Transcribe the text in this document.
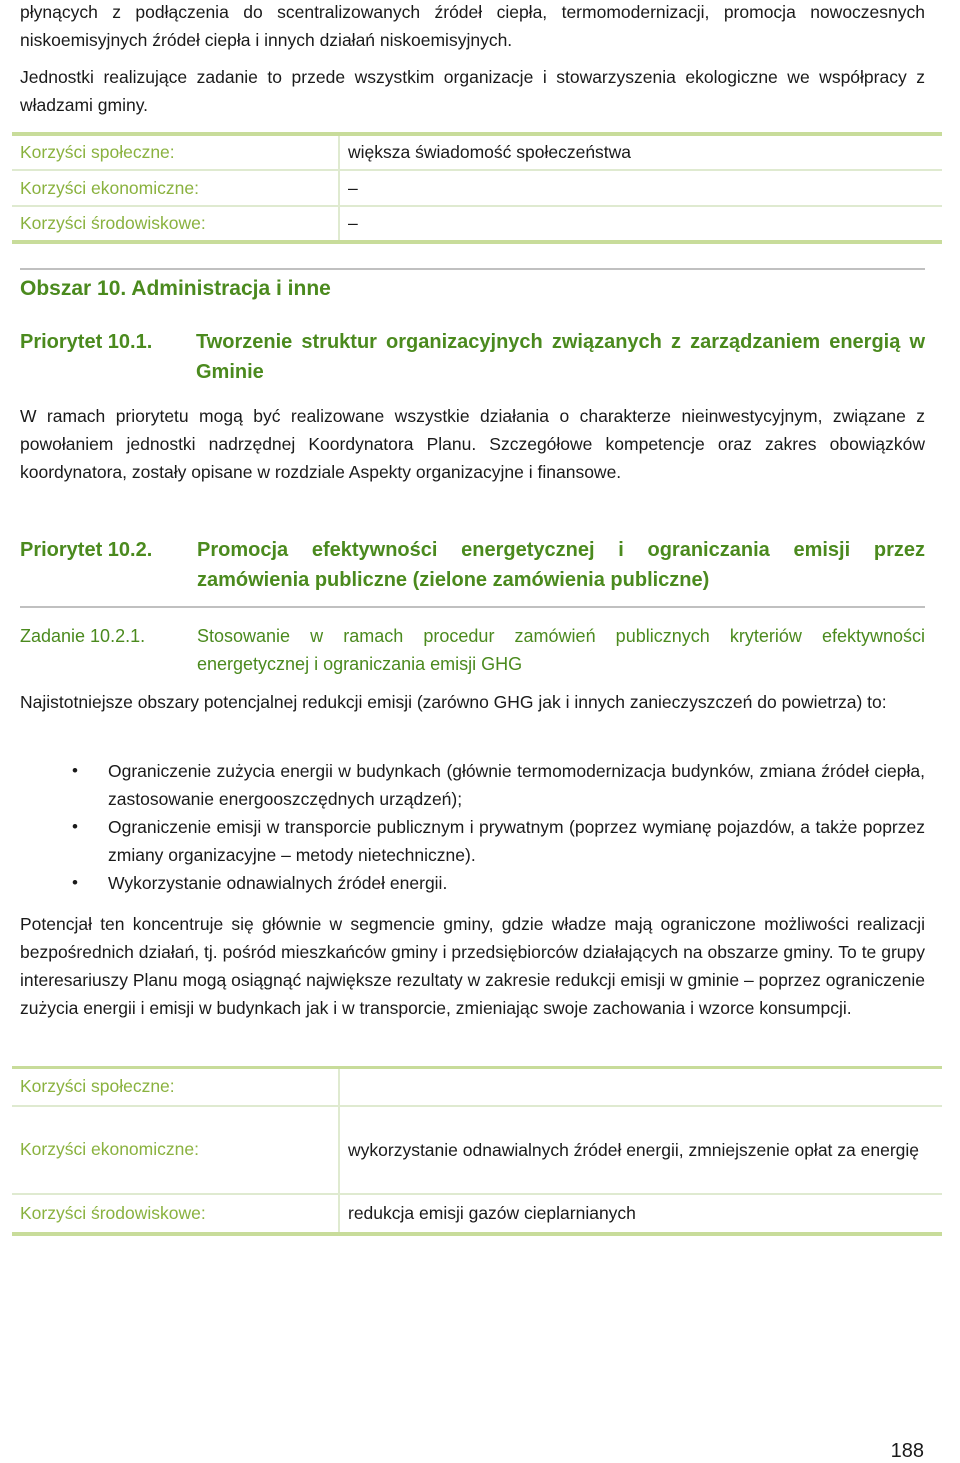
płynących z podłączenia do scentralizowanych źródeł ciepła, termomodernizacji, promocja nowoczesnych niskoemisyjnych źródeł ciepła i innych działań niskoemisyjnych.

Jednostki realizujące zadanie to przede wszystkim organizacje i stowarzyszenia ekologiczne we współpracy z władzami gminy.

Obszar 10. Administracja i inne
Priorytet 10.1.	Tworzenie struktur organizacyjnych związanych z zarządzaniem energią w Gminie

W ramach priorytetu mogą być realizowane wszystkie działania o charakterze nieinwestycyjnym, związane z powołaniem jednostki nadrzędnej Koordynatora Planu. Szczegółowe kompetencje oraz zakres obowiązków koordynatora, zostały opisane w rozdziale Aspekty organizacyjne i finansowe.

Priorytet 10.2.	Promocja efektywności energetycznej i ograniczania emisji przez zamówienia publiczne (zielone zamówienia publiczne)
Zadanie 10.2.1.	Stosowanie w ramach procedur zamówień publicznych kryteriów efektywności energetycznej i ograniczania emisji GHG

Najistotniejsze obszary potencjalnej redukcji emisji (zarówno GHG jak i innych zanieczyszczeń do powietrza) to:

• Ograniczenie zużycia energii w budynkach (głównie termomodernizacja budynków, zmiana źródeł ciepła, zastosowanie energooszczędnych urządzeń);
• Ograniczenie emisji w transporcie publicznym i prywatnym (poprzez wymianę pojazdów, a także poprzez zmiany organizacyjne – metody nietechniczne).
• Wykorzystanie odnawialnych źródeł energii.

Potencjał ten koncentruje się głównie w segmencie gminy, gdzie władze mają ograniczone możliwości realizacji bezpośrednich działań, tj. pośród mieszkańców gminy i przedsiębiorców działających na obszarze gminy. To te grupy interesariuszy Planu mogą osiągnąć największe rezultaty w zakresie redukcji emisji w gminie – poprzez ograniczenie zużycia energii i emisji w budynkach jak i w transporcie, zmieniając swoje zachowania i wzorce konsumpcji.

Korzyści społeczne:	większa świadomość społeczeństwa
Korzyści ekonomiczne:	–
Korzyści środowiskowe:	–
Korzyści społeczne:	
Korzyści ekonomiczne:	wykorzystanie odnawialnych źródeł energii, zmniejszenie opłat za energię
Korzyści środowiskowe:	redukcja emisji gazów cieplarnianych
188
